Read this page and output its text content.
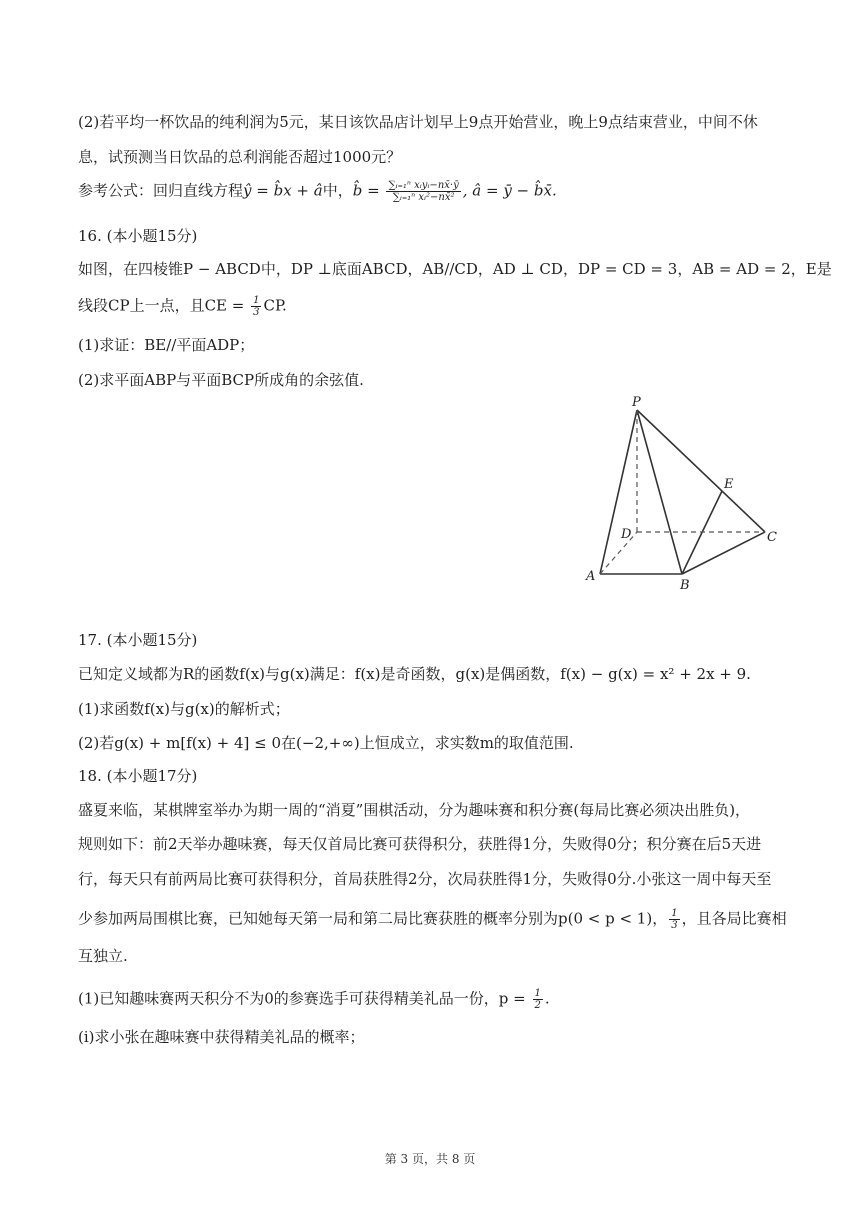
(2)若平均一杯饮品的纯利润为5元，某日该饮品店计划早上9点开始营业，晚上9点结束营业，中间不休
息，试预测当日饮品的总利润能否超过1000元？
参考公式：回归直线方程ŷ = b̂x + â中，b̂ = $\frac{\text{∑ᵢ₌₁ⁿ xᵢyᵢ−nx̄·ȳ}}{\text{∑ᵢ₌₁ⁿ xᵢ²−nx̄²}}$ , â = ȳ − b̂x̄.
16. (本小题15分)
如图，在四棱锥P − ABCD中，DP ⊥底面ABCD，AB//CD，AD ⊥ CD，DP = CD = 3，AB = AD = 2，E是
线段CP上一点，且CE = $\frac{1}{3}$ CP.
(1)求证：BE//平面ADP；
(2)求平面ABP与平面BCP所成角的余弦值.
P
E
D	C
A
B
17. (本小题15分)
已知定义域都为R的函数f(x)与g(x)满足：f(x)是奇函数，g(x)是偶函数，f(x) − g(x) = x² + 2x + 9.
(1)求函数f(x)与g(x)的解析式；
(2)若g(x) + m[f(x) + 4] ≤ 0在(−2,+∞)上恒成立，求实数m的取值范围.
18. (本小题17分)
盛夏来临，某棋牌室举办为期一周的“消夏”围棋活动，分为趣味赛和积分赛(每局比赛必须决出胜负)，
规则如下：前2天举办趣味赛，每天仅首局比赛可获得积分，获胜得1分，失败得0分；积分赛在后5天进
行，每天只有前两局比赛可获得积分，首局获胜得2分，次局获胜得1分，失败得0分.小张这一周中每天至
少参加两局围棋比赛，已知她每天第一局和第二局比赛获胜的概率分别为p(0 < p < 1)， $\frac{1}{3}$ ，且各局比赛相
互独立.
(1)已知趣味赛两天积分不为0的参赛选手可获得精美礼品一份，$p = \frac{1}{2}$ .
(i)求小张在趣味赛中获得精美礼品的概率；
第 3 页，共 8 页
